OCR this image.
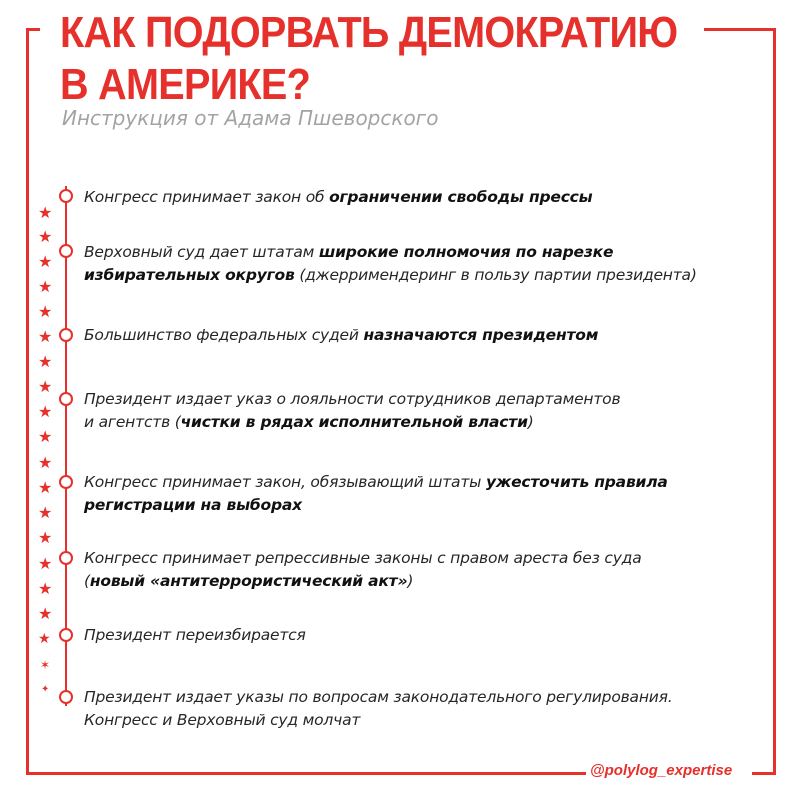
КАК ПОДОРВАТЬ ДЕМОКРАТИЮ
В АМЕРИКЕ?

Инструкция от Адама Пшеворского

★
★
★
★
★
★
★
★
★
★
★
★
★
★
★
★
★
★
✶
✦

Конгресс принимает закон об ограничении свободы прессы

Верховный суд дает штатам широкие полномочия по нарезке
избирательных округов (джерримендеринг в пользу партии президента)

Большинство федеральных судей назначаются президентом

Президент издает указ о лояльности сотрудников департаментов
и агентств (чистки в рядах исполнительной власти)

Конгресс принимает закон, обязывающий штаты ужесточить правила
регистрации на выборах

Конгресс принимает репрессивные законы с правом ареста без суда
(новый «антитеррористический акт»)

Президент переизбирается

Президент издает указы по вопросам законодательного регулирования.
Конгресс и Верховный суд молчат

@polylog_expertise
